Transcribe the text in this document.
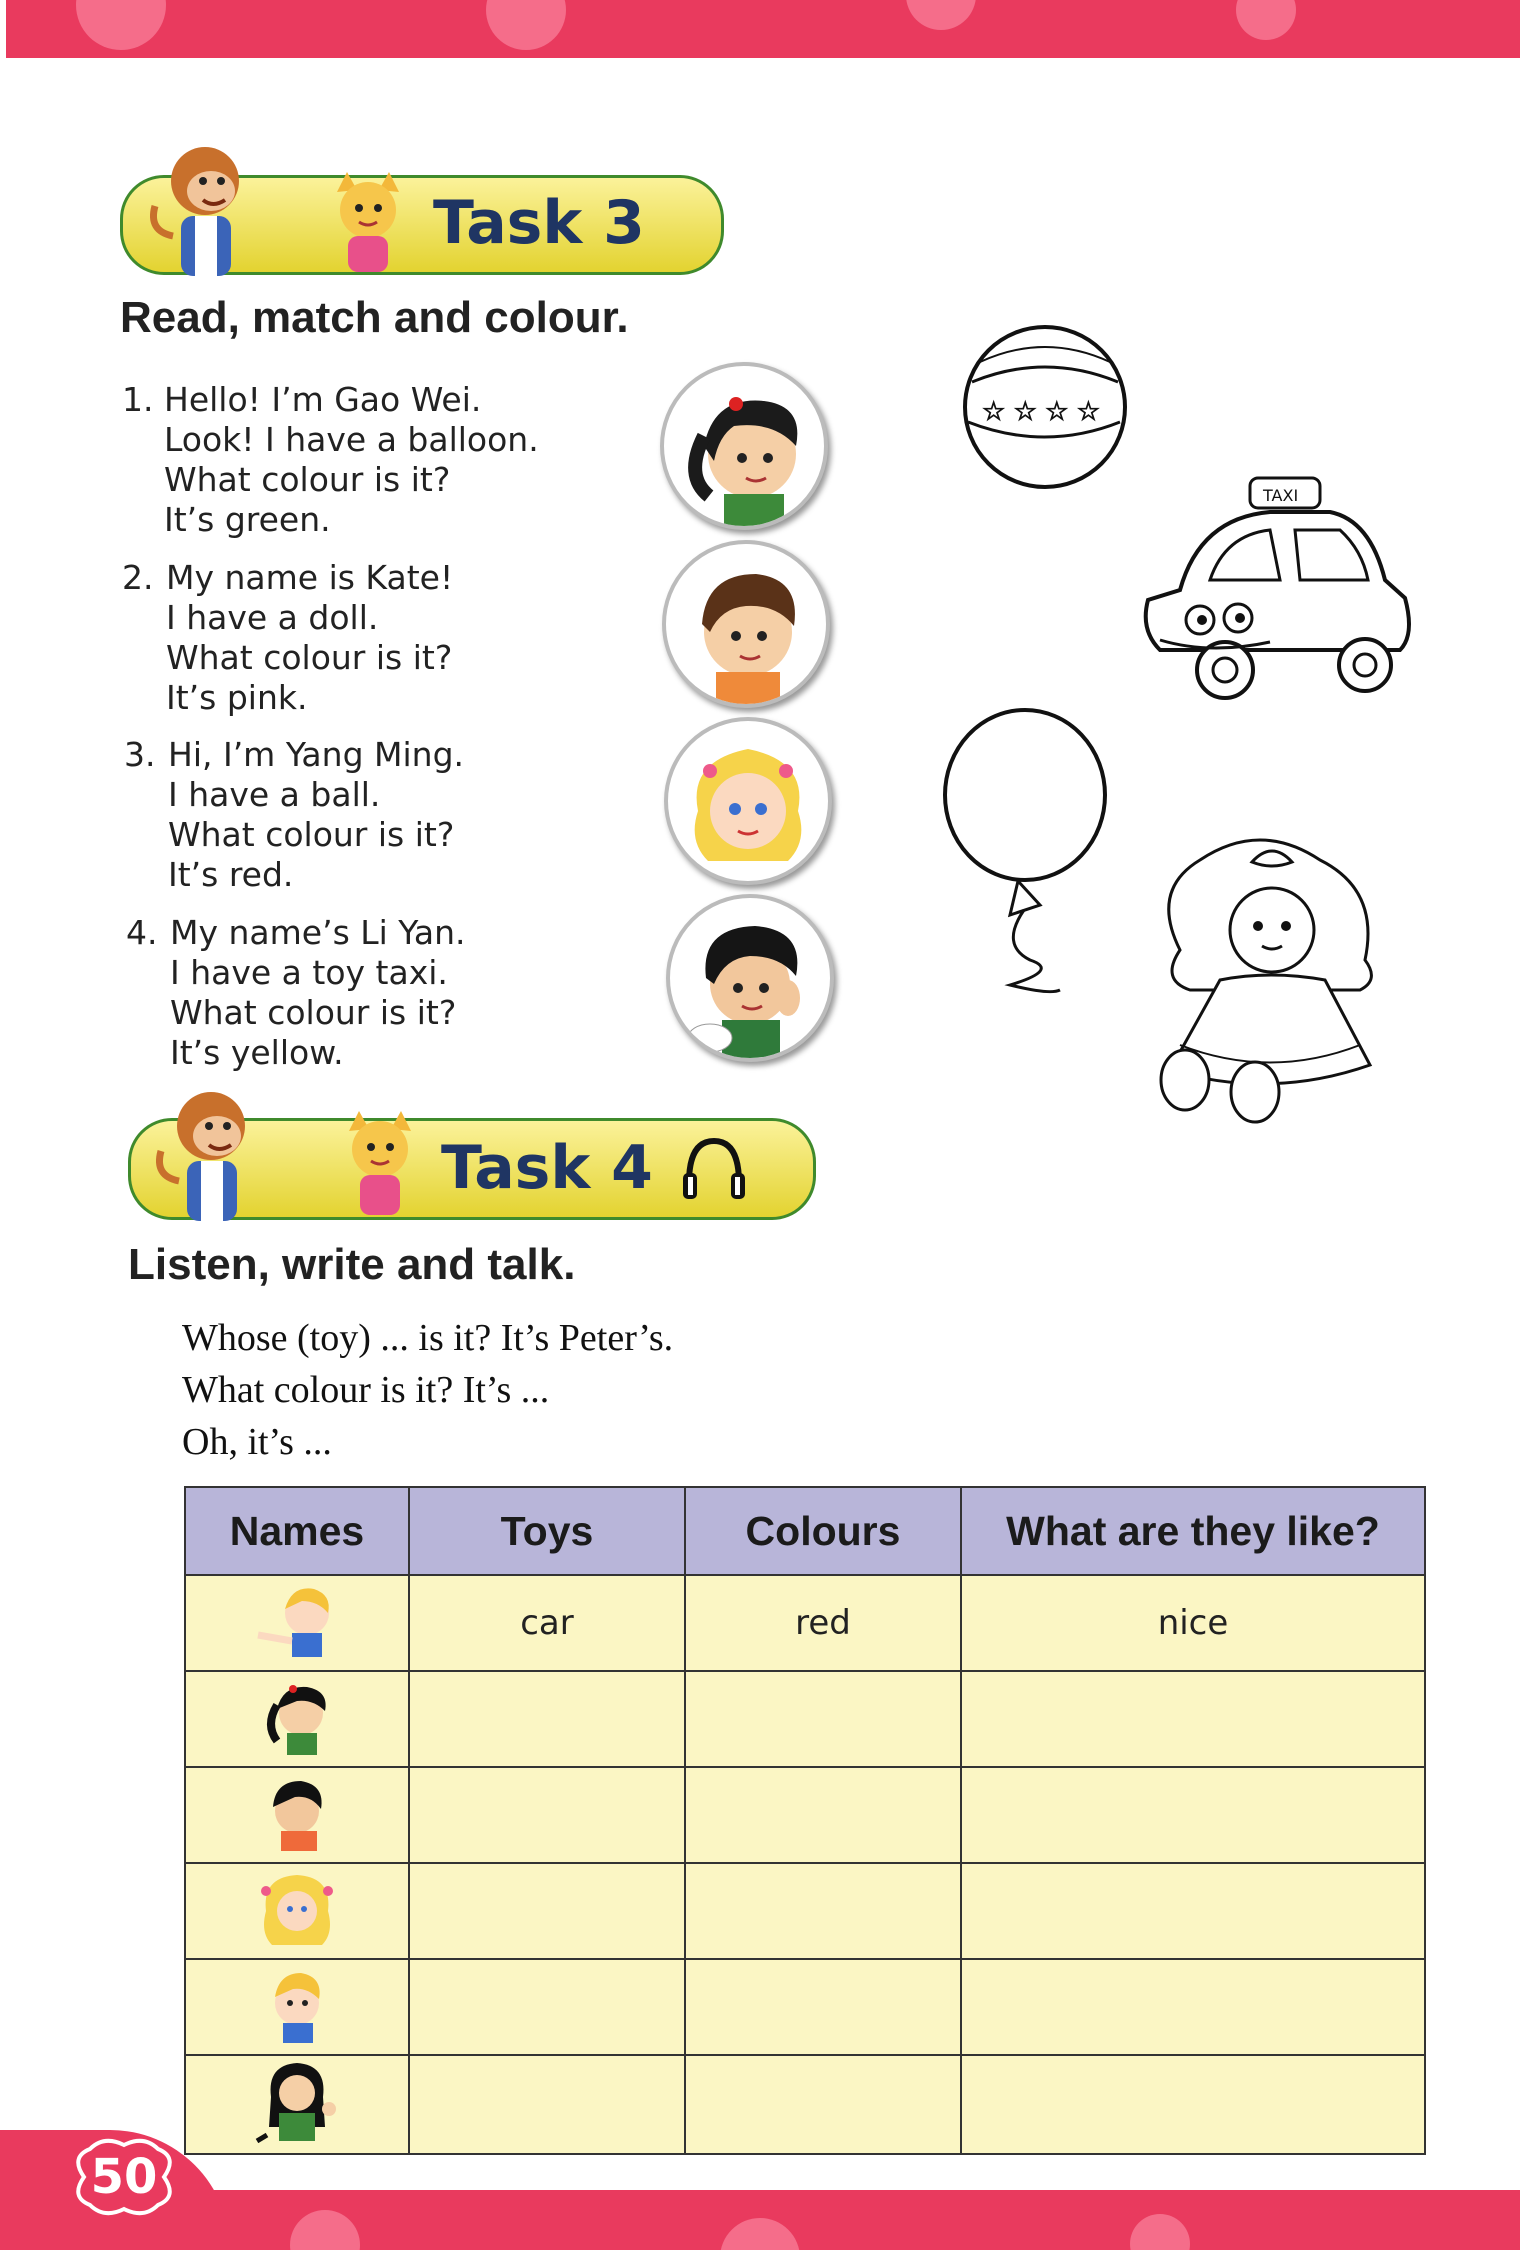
Task 3
Read, match and colour.
1. Hello! I’m Gao Wei.
Look! I have a balloon.
What colour is it?
It’s green.
2. My name is Kate!
I have a doll.
What colour is it?
It’s pink.
3. Hi, I’m Yang Ming.
I have a ball.
What colour is it?
It’s red.
4. My name’s Li Yan.
I have a toy taxi.
What colour is it?
It’s yellow.
☆ ☆ ☆ ☆
TAXI
Task 4
Listen, write and talk.
Whose (toy) ... is it? It’s Peter’s.
What colour is it? It’s ...
Oh, it’s ...
Names	Toys	Colours	What are they like?
	car	red	nice

50
